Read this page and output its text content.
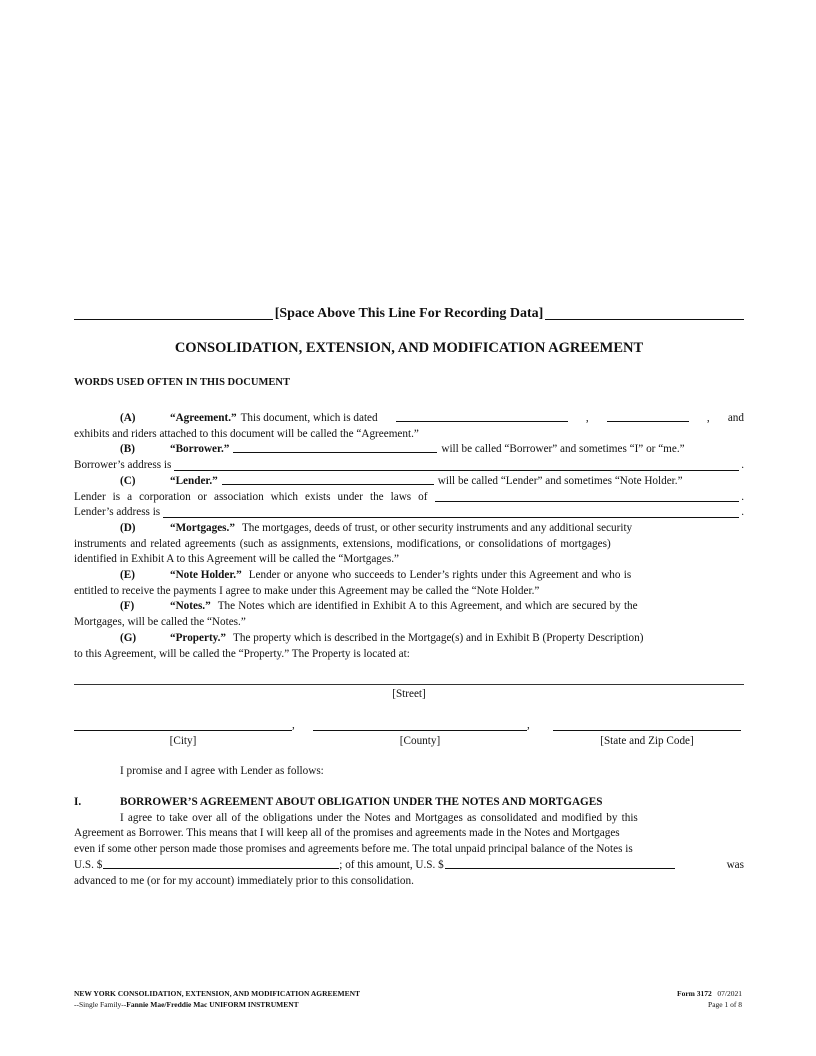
[Space Above This Line For Recording Data]
CONSOLIDATION, EXTENSION, AND MODIFICATION AGREEMENT
WORDS USED OFTEN IN THIS DOCUMENT
(A)	“Agreement.” This document, which is dated	,	, and
exhibits and riders attached to this document will be called the “Agreement.”
(B)	“Borrower.”	will be called “Borrower” and sometimes “I” or “me.”
Borrower’s address is	.
(C)	“Lender.”	will be called “Lender” and sometimes “Note Holder.”
Lender is a corporation or association which exists under the laws of	.
Lender’s address is	.
(D)	“Mortgages.” The mortgages, deeds of trust, or other security instruments and any additional security
instruments and related agreements (such as assignments, extensions, modifications, or consolidations of mortgages)
identified in Exhibit A to this Agreement will be called the “Mortgages.”
(E)	“Note Holder.” Lender or anyone who succeeds to Lender’s rights under this Agreement and who is
entitled to receive the payments I agree to make under this Agreement may be called the “Note Holder.”
(F)	“Notes.” The Notes which are identified in Exhibit A to this Agreement, and which are secured by the
Mortgages, will be called the “Notes.”
(G)	“Property.” The property which is described in the Mortgage(s) and in Exhibit B (Property Description)
to this Agreement, will be called the “Property.” The Property is located at:
[Street]
,	,
[City]	[County]	[State and Zip Code]
I promise and I agree with Lender as follows:
I.	BORROWER’S AGREEMENT ABOUT OBLIGATION UNDER THE NOTES AND MORTGAGES
I agree to take over all of the obligations under the Notes and Mortgages as consolidated and modified by this
Agreement as Borrower. This means that I will keep all of the promises and agreements made in the Notes and Mortgages
even if some other person made those promises and agreements before me. The total unpaid principal balance of the Notes is
U.S. $	; of this amount, U.S. $	was
advanced to me (or for my account) immediately prior to this consolidation.
NEW YORK CONSOLIDATION, EXTENSION, AND MODIFICATION AGREEMENT
--Single Family--Fannie Mae/Freddie Mac UNIFORM INSTRUMENT
Form 3172 07/2021
Page 1 of 8
